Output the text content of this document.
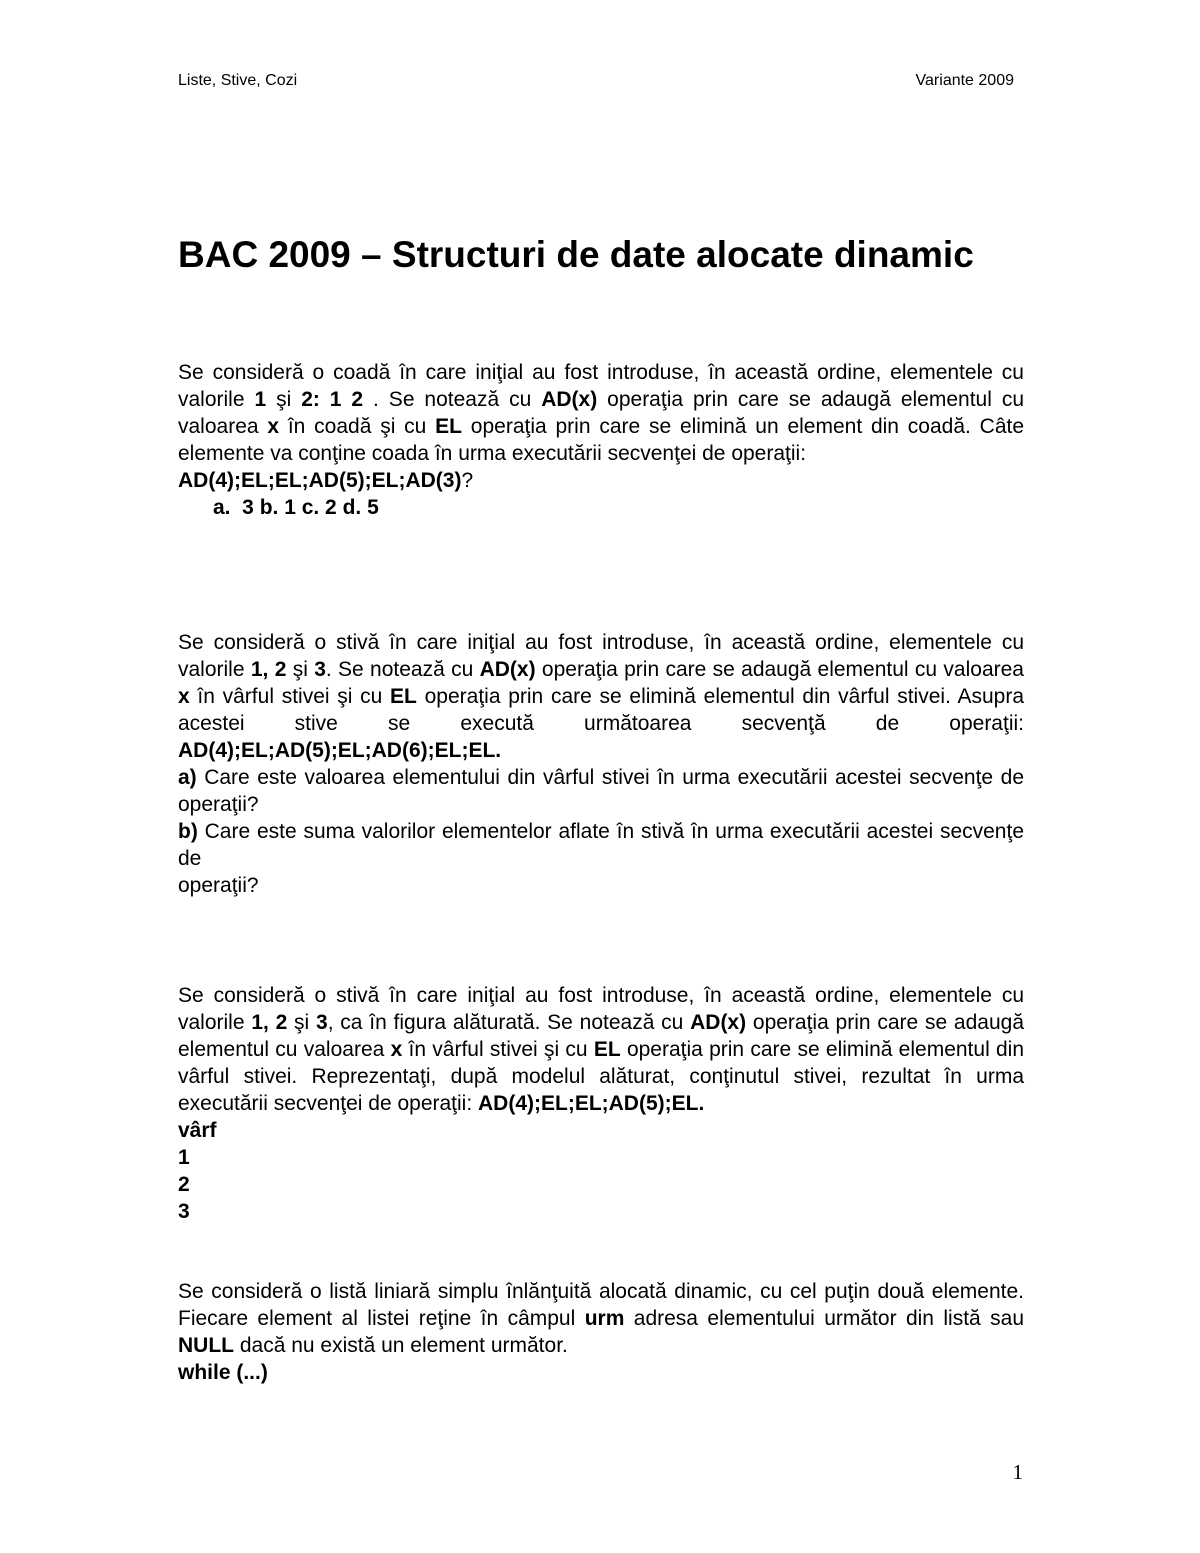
Liste, Stive, Cozi	Variante 2009
BAC 2009 – Structuri de date alocate dinamic

Se consideră o coadă în care iniţial au fost introduse, în această ordine, elementele cu valorile 1 şi 2: 1 2 . Se notează cu AD(x) operaţia prin care se adaugă elementul cu valoarea x în coadă şi cu EL operaţia prin care se elimină un element din coadă. Câte elemente va conţine coada în urma executării secvenţei de operaţii:

AD(4);EL;EL;AD(5);EL;AD(3)?

a.  3 b. 1 c. 2 d. 5

Se consideră o stivă în care iniţial au fost introduse, în această ordine, elementele cu valorile 1, 2 şi 3. Se notează cu AD(x) operaţia prin care se adaugă elementul cu valoarea x în vârful stivei şi cu EL operaţia prin care se elimină elementul din vârful stivei. Asupra acestei stive se execută următoarea secvenţă de operaţii: AD(4);EL;AD(5);EL;AD(6);EL;EL.

a) Care este valoarea elementului din vârful stivei în urma executării acestei secvenţe de operaţii?

b) Care este suma valorilor elementelor aflate în stivă în urma executării acestei secvenţe de

operaţii?

Se consideră o stivă în care iniţial au fost introduse, în această ordine, elementele cu valorile 1, 2 şi 3, ca în figura alăturată. Se notează cu AD(x) operaţia prin care se adaugă elementul cu valoarea x în vârful stivei şi cu EL operaţia prin care se elimină elementul din vârful stivei. Reprezentaţi, după modelul alăturat, conţinutul stivei, rezultat în urma executării secvenţei de operaţii: AD(4);EL;EL;AD(5);EL.

vârf

1

2

3

Se consideră o listă liniară simplu înlănţuită alocată dinamic, cu cel puţin două elemente. Fiecare element al listei reţine în câmpul urm adresa elementului următor din listă sau NULL dacă nu există un element următor.

while (...)

1
